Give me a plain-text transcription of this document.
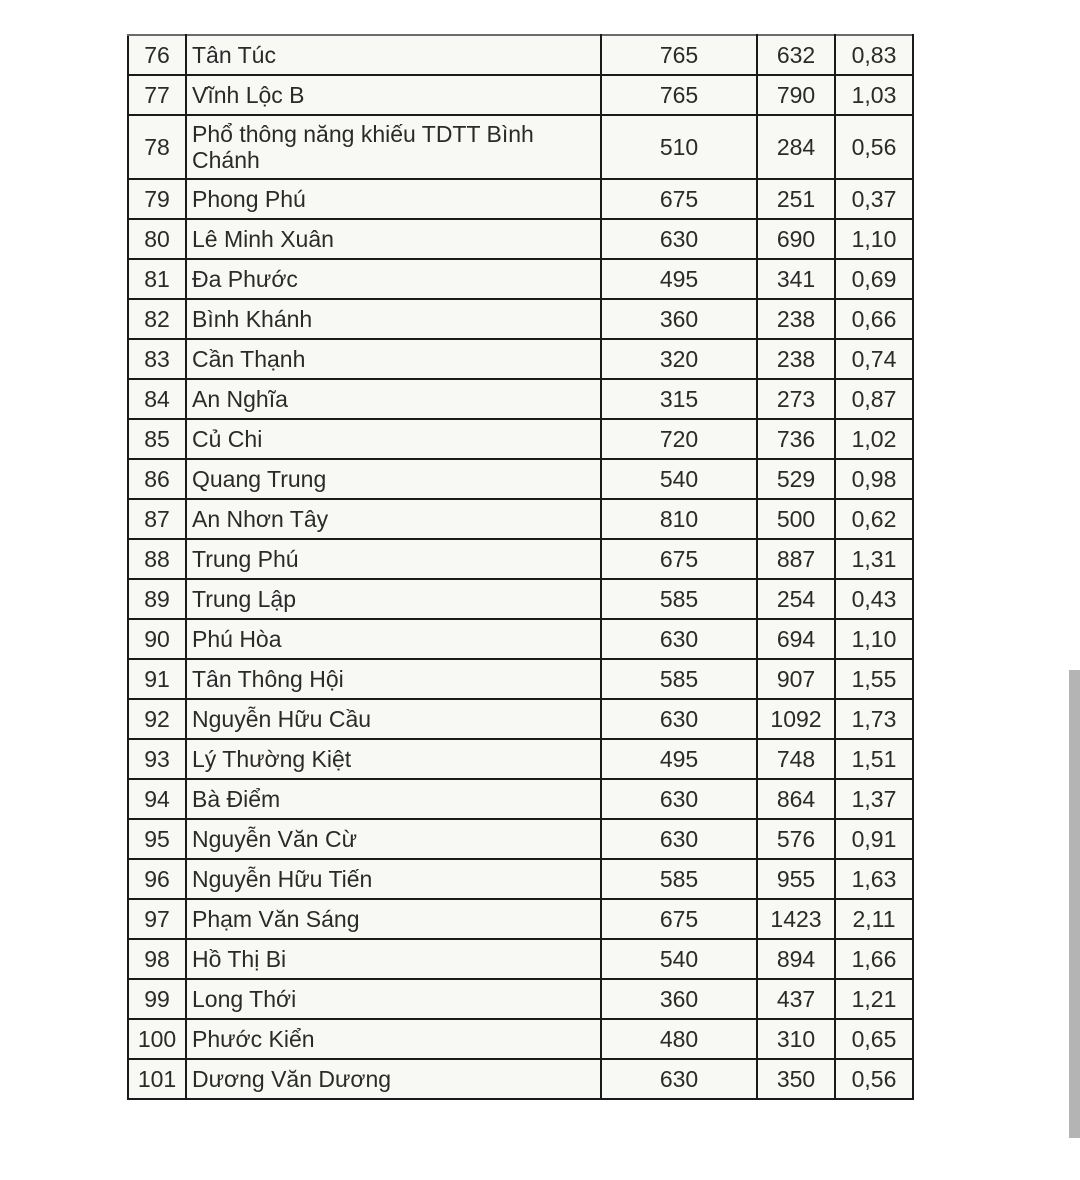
76	Tân Túc	765	632	0,83
77	Vĩnh Lộc B	765	790	1,03
78	Phổ thông năng khiếu TDTT Bình Chánh	510	284	0,56
79	Phong Phú	675	251	0,37
80	Lê Minh Xuân	630	690	1,10
81	Đa Phước	495	341	0,69
82	Bình Khánh	360	238	0,66
83	Cần Thạnh	320	238	0,74
84	An Nghĩa	315	273	0,87
85	Củ Chi	720	736	1,02
86	Quang Trung	540	529	0,98
87	An Nhơn Tây	810	500	0,62
88	Trung Phú	675	887	1,31
89	Trung Lập	585	254	0,43
90	Phú Hòa	630	694	1,10
91	Tân Thông Hội	585	907	1,55
92	Nguyễn Hữu Cầu	630	1092	1,73
93	Lý Thường Kiệt	495	748	1,51
94	Bà Điểm	630	864	1,37
95	Nguyễn Văn Cừ	630	576	0,91
96	Nguyễn Hữu Tiến	585	955	1,63
97	Phạm Văn Sáng	675	1423	2,11
98	Hồ Thị Bi	540	894	1,66
99	Long Thới	360	437	1,21
100	Phước Kiển	480	310	0,65
101	Dương Văn Dương	630	350	0,56
